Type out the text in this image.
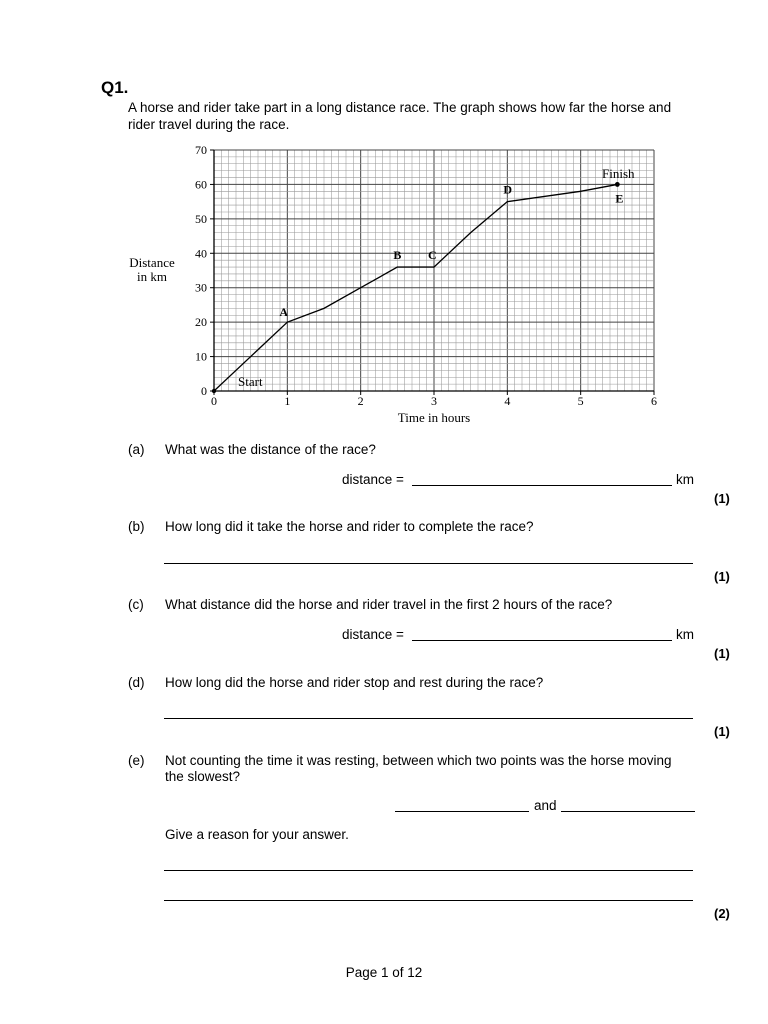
Q1.
A horse and rider take part in a long distance race. The graph shows how far the horse and rider travel during the race.
0	1	2	3	4	5	6
0
10
20
30
40
50
60
70
A
B C
D
E
Distance
in km
Time in hours
Start
Finish
(a) What was the distance of the race?
distance =	km
(1)
(b) How long did it take the horse and rider to complete the race?
(1)
(c) What distance did the horse and rider travel in the first 2 hours of the race?
distance =	km
(1)
(d) How long did the horse and rider stop and rest during the race?
(1)
(e) Not counting the time it was resting, between which two points was the horse moving the slowest?
and
Give a reason for your answer.
(2)
Page 1 of 12
